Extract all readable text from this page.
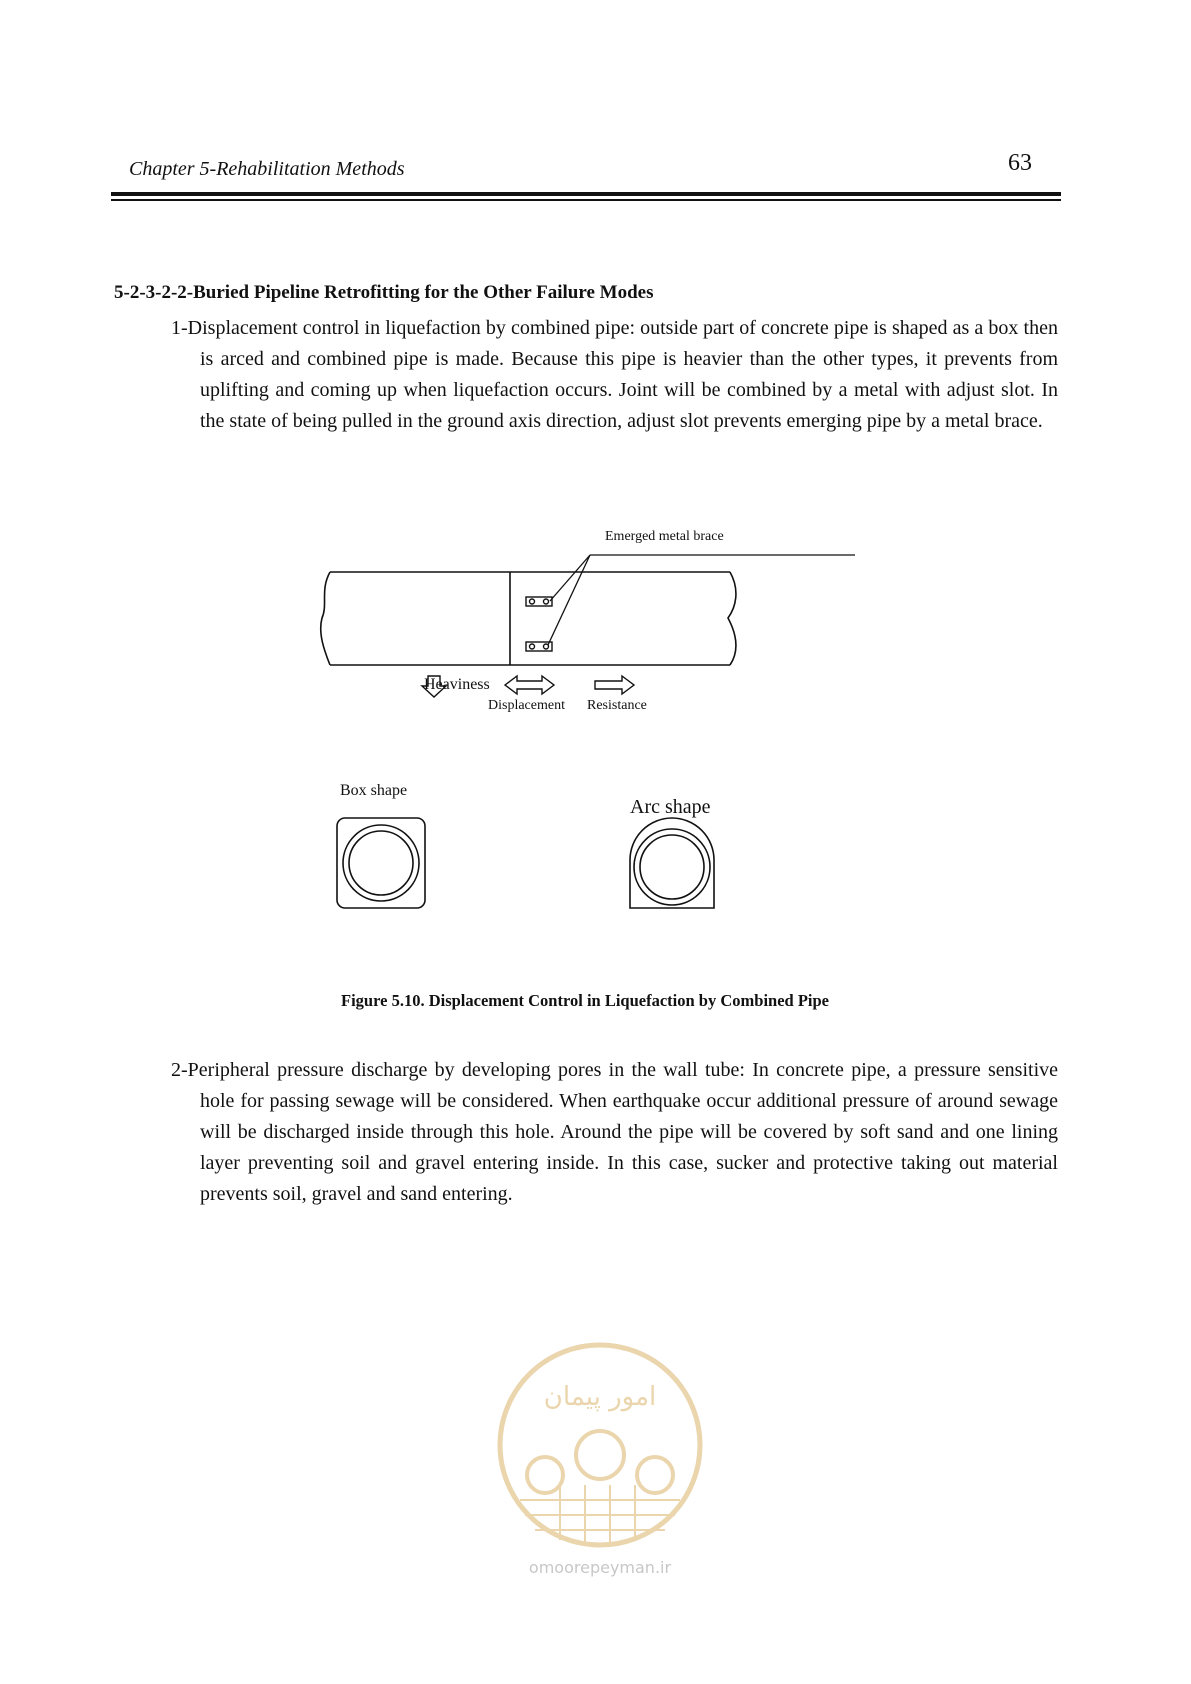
Chapter 5-Rehabilitation Methods	63
5-2-3-2-2-Buried Pipeline Retrofitting for the Other Failure Modes

1-Displacement control in liquefaction by combined pipe: outside part of concrete pipe is shaped as a box then is arced and combined pipe is made. Because this pipe is heavier than the other types, it prevents from uplifting and coming up when liquefaction occurs. Joint will be combined by a metal with adjust slot. In the state of being pulled in the ground axis direction, adjust slot prevents emerging pipe by a metal brace.

Emerged metal brace
Heaviness
Displacement Resistance
Box shape
Arc shape
Figure 5.10. Displacement Control in Liquefaction by Combined Pipe

2-Peripheral pressure discharge by developing pores in the wall tube: In concrete pipe, a pressure sensitive hole for passing sewage will be considered. When earthquake occur additional pressure of around sewage will be discharged inside through this hole. Around the pipe will be covered by soft sand and one lining layer preventing soil and gravel entering inside. In this case, sucker and protective taking out material prevents soil, gravel and sand entering.

امور پیمان
omoorepeyman.ir
